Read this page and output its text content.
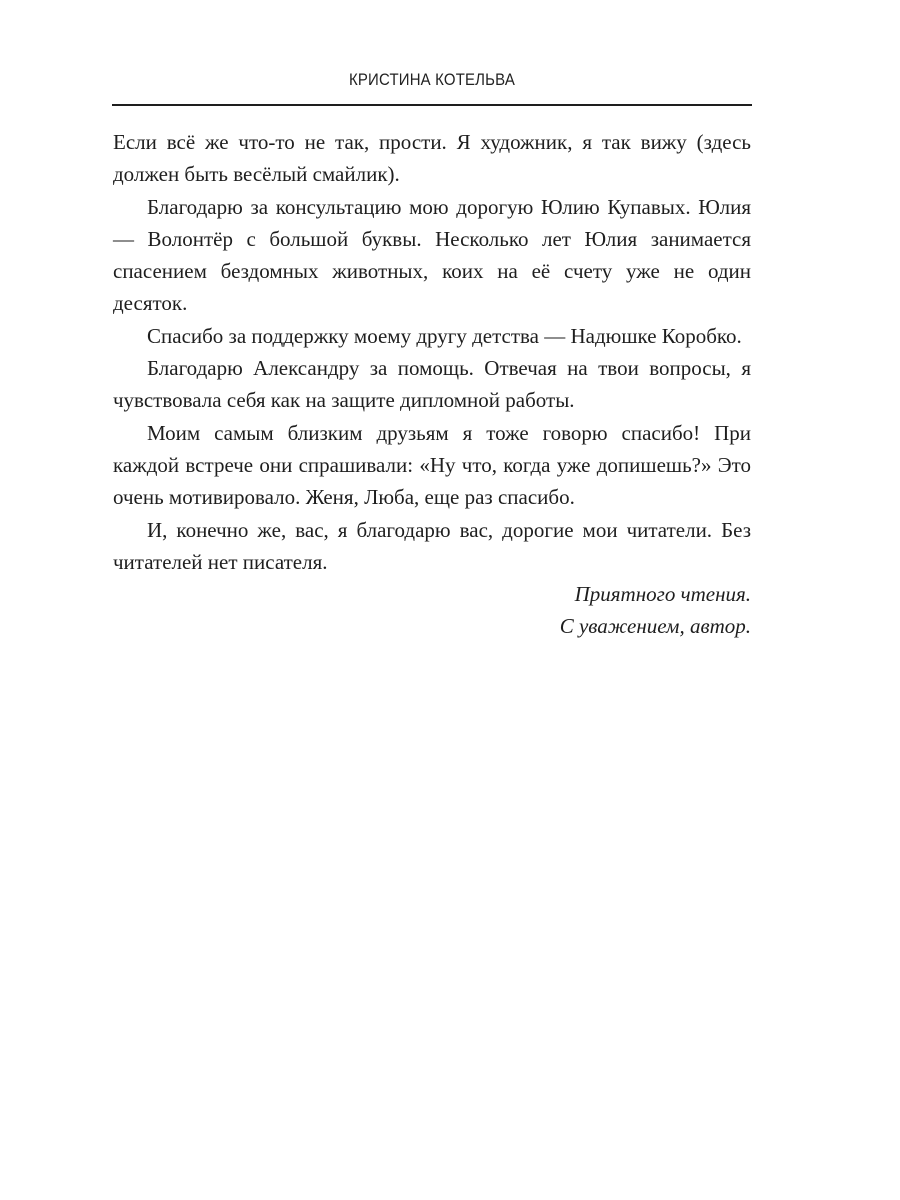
КРИСТИНА КОТЕЛЬВА

Если всё же что-то не так, прости. Я художник, я так вижу (здесь должен быть весёлый смайлик).

Благодарю за консультацию мою дорогую Юлию Купавых. Юлия — Волонтёр с большой буквы. Несколько лет Юлия занимается спасением бездомных животных, коих на её счету уже не один десяток.

Спасибо за поддержку моему другу детства — Надюшке Коробко.

Благодарю Александру за помощь. Отвечая на твои вопросы, я чувствовала себя как на защите дипломной работы.

Моим самым близким друзьям я тоже говорю спасибо! При каждой встрече они спрашивали: «Ну что, когда уже допишешь?» Это очень мотивировало. Женя, Люба, еще раз спасибо.

И, конечно же, вас, я благодарю вас, дорогие мои читатели. Без читателей нет писателя.

Приятного чтения.
С уважением, автор.
